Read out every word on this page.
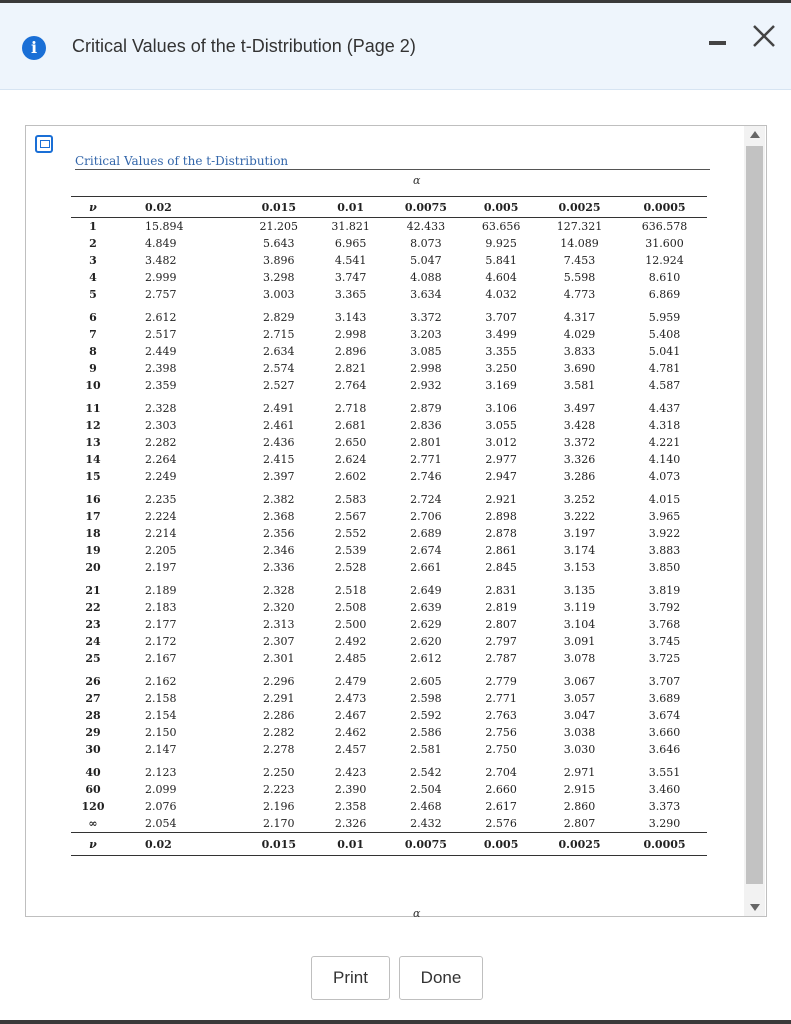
i	Critical Values of the t-Distribution (Page 2)
Critical Values of the t-Distribution
α
ν	0.02	0.015	0.01	0.0075	0.005	0.0025	0.0005
1	15.894	21.205	31.821	42.433	63.656	127.321	636.578
2	4.849	5.643	6.965	8.073	9.925	14.089	31.600
3	3.482	3.896	4.541	5.047	5.841	7.453	12.924
4	2.999	3.298	3.747	4.088	4.604	5.598	8.610
5	2.757	3.003	3.365	3.634	4.032	4.773	6.869
6	2.612	2.829	3.143	3.372	3.707	4.317	5.959
7	2.517	2.715	2.998	3.203	3.499	4.029	5.408
8	2.449	2.634	2.896	3.085	3.355	3.833	5.041
9	2.398	2.574	2.821	2.998	3.250	3.690	4.781
10	2.359	2.527	2.764	2.932	3.169	3.581	4.587
11	2.328	2.491	2.718	2.879	3.106	3.497	4.437
12	2.303	2.461	2.681	2.836	3.055	3.428	4.318
13	2.282	2.436	2.650	2.801	3.012	3.372	4.221
14	2.264	2.415	2.624	2.771	2.977	3.326	4.140
15	2.249	2.397	2.602	2.746	2.947	3.286	4.073
16	2.235	2.382	2.583	2.724	2.921	3.252	4.015
17	2.224	2.368	2.567	2.706	2.898	3.222	3.965
18	2.214	2.356	2.552	2.689	2.878	3.197	3.922
19	2.205	2.346	2.539	2.674	2.861	3.174	3.883
20	2.197	2.336	2.528	2.661	2.845	3.153	3.850
21	2.189	2.328	2.518	2.649	2.831	3.135	3.819
22	2.183	2.320	2.508	2.639	2.819	3.119	3.792
23	2.177	2.313	2.500	2.629	2.807	3.104	3.768
24	2.172	2.307	2.492	2.620	2.797	3.091	3.745
25	2.167	2.301	2.485	2.612	2.787	3.078	3.725
26	2.162	2.296	2.479	2.605	2.779	3.067	3.707
27	2.158	2.291	2.473	2.598	2.771	3.057	3.689
28	2.154	2.286	2.467	2.592	2.763	3.047	3.674
29	2.150	2.282	2.462	2.586	2.756	3.038	3.660
30	2.147	2.278	2.457	2.581	2.750	3.030	3.646
40	2.123	2.250	2.423	2.542	2.704	2.971	3.551
60	2.099	2.223	2.390	2.504	2.660	2.915	3.460
120	2.076	2.196	2.358	2.468	2.617	2.860	3.373
∞	2.054	2.170	2.326	2.432	2.576	2.807	3.290
ν	0.02	0.015	0.01	0.0075	0.005	0.0025	0.0005
α
Print	Done
